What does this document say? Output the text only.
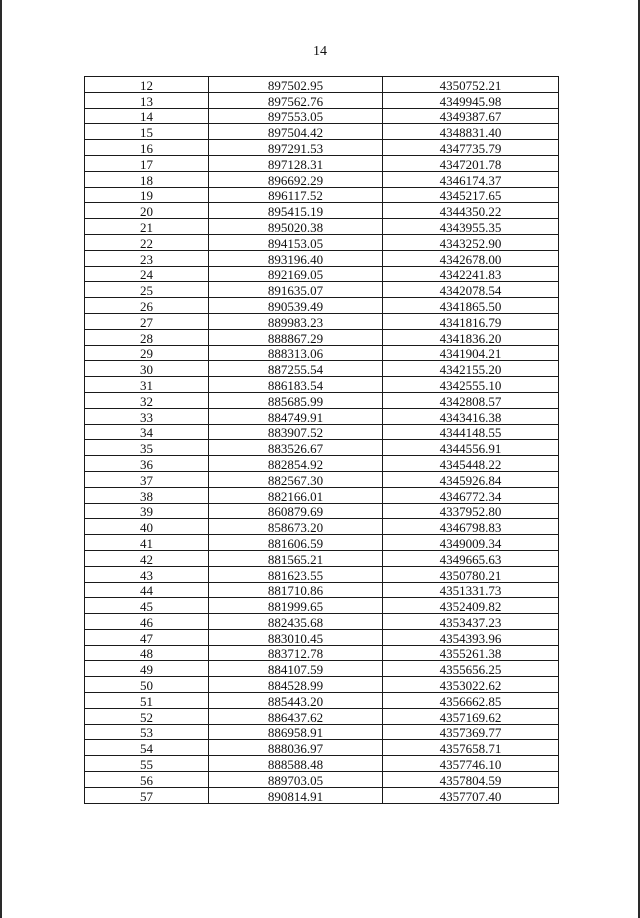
14
12	897502.95	4350752.21
13	897562.76	4349945.98
14	897553.05	4349387.67
15	897504.42	4348831.40
16	897291.53	4347735.79
17	897128.31	4347201.78
18	896692.29	4346174.37
19	896117.52	4345217.65
20	895415.19	4344350.22
21	895020.38	4343955.35
22	894153.05	4343252.90
23	893196.40	4342678.00
24	892169.05	4342241.83
25	891635.07	4342078.54
26	890539.49	4341865.50
27	889983.23	4341816.79
28	888867.29	4341836.20
29	888313.06	4341904.21
30	887255.54	4342155.20
31	886183.54	4342555.10
32	885685.99	4342808.57
33	884749.91	4343416.38
34	883907.52	4344148.55
35	883526.67	4344556.91
36	882854.92	4345448.22
37	882567.30	4345926.84
38	882166.01	4346772.34
39	860879.69	4337952.80
40	858673.20	4346798.83
41	881606.59	4349009.34
42	881565.21	4349665.63
43	881623.55	4350780.21
44	881710.86	4351331.73
45	881999.65	4352409.82
46	882435.68	4353437.23
47	883010.45	4354393.96
48	883712.78	4355261.38
49	884107.59	4355656.25
50	884528.99	4353022.62
51	885443.20	4356662.85
52	886437.62	4357169.62
53	886958.91	4357369.77
54	888036.97	4357658.71
55	888588.48	4357746.10
56	889703.05	4357804.59
57	890814.91	4357707.40
